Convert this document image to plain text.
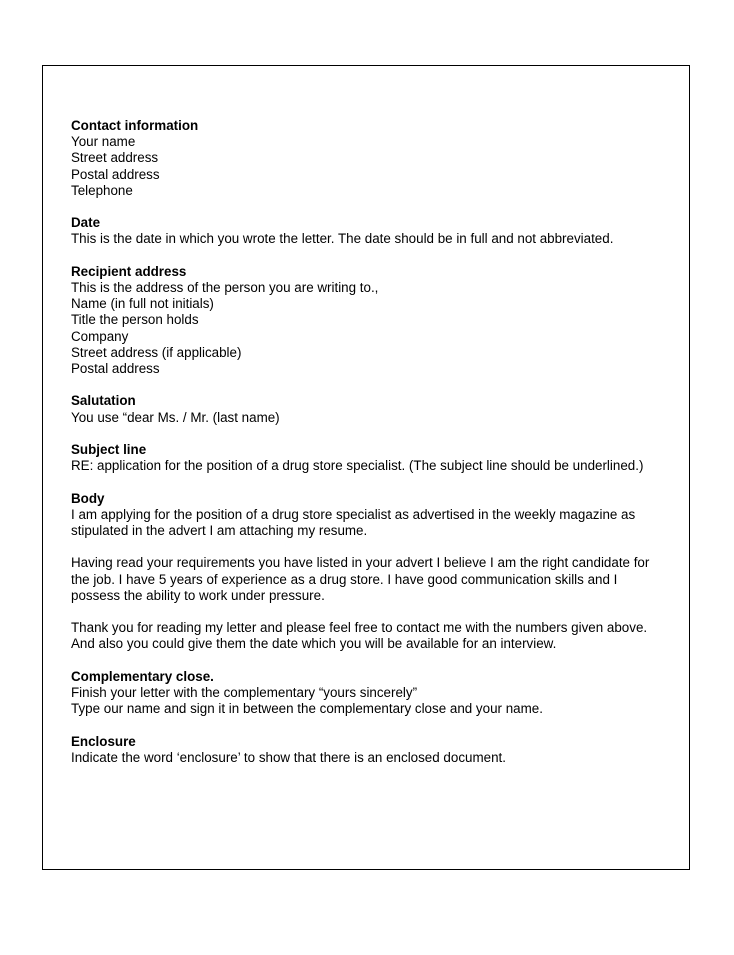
Contact information
Your name
Street address
Postal address
Telephone
Date
This is the date in which you wrote the letter. The date should be in full and not abbreviated.
Recipient address
This is the address of the person you are writing to.,
Name (in full not initials)
Title the person holds
Company
Street address (if applicable)
Postal address
Salutation
You use “dear Ms. / Mr. (last name)
Subject line
RE: application for the position of a drug store specialist. (The subject line should be underlined.)
Body
I am applying for the position of a drug store specialist as advertised in the weekly magazine as
stipulated in the advert I am attaching my resume.
Having read your requirements you have listed in your advert I believe I am the right candidate for
the job. I have 5 years of experience as a drug store. I have good communication skills and I
possess the ability to work under pressure.
Thank you for reading my letter and please feel free to contact me with the numbers given above.
And also you could give them the date which you will be available for an interview.
Complementary close.
Finish your letter with the complementary “yours sincerely”
Type our name and sign it in between the complementary close and your name.
Enclosure
Indicate the word ‘enclosure’ to show that there is an enclosed document.
